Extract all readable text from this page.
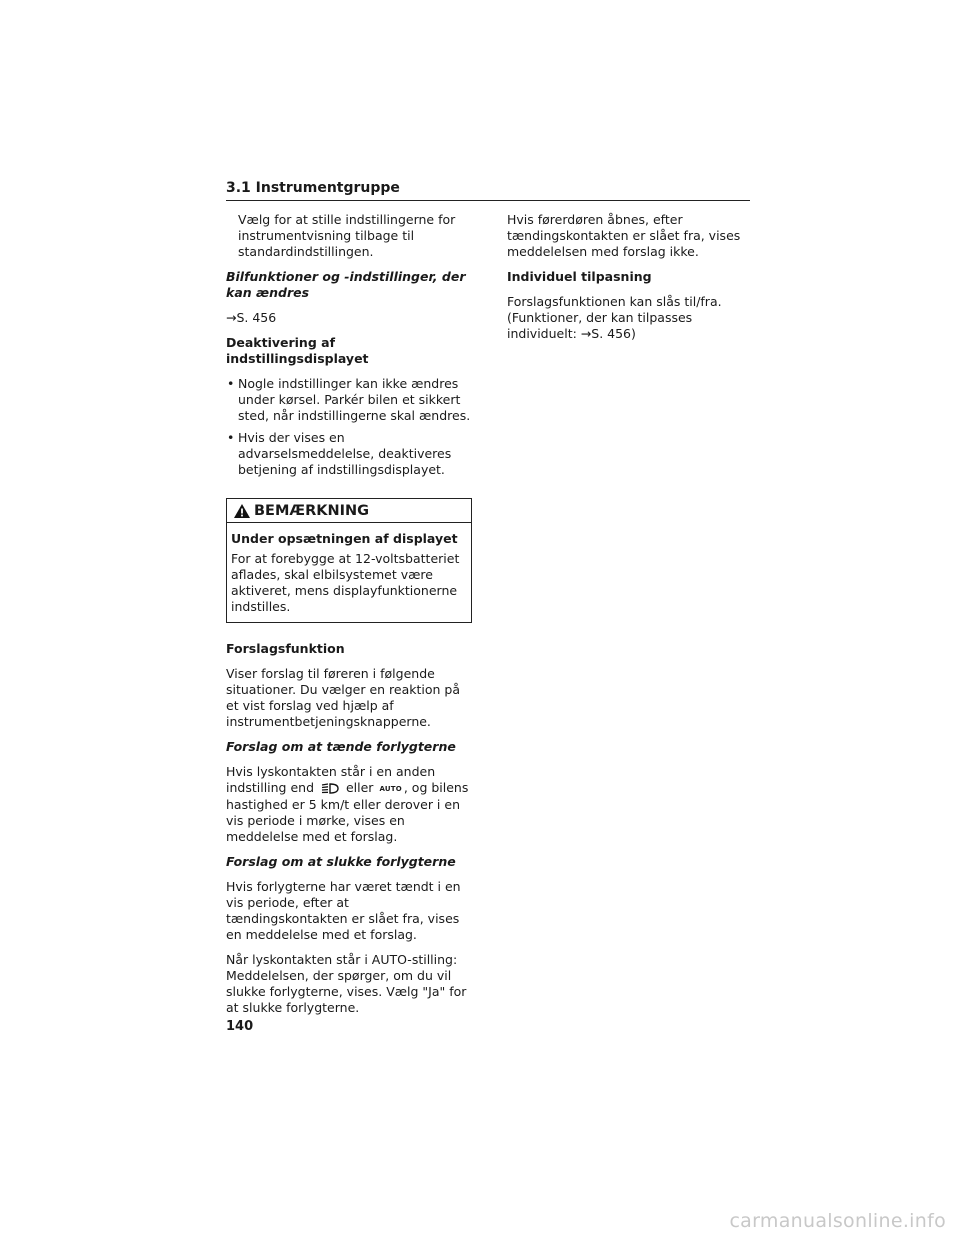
3.1 Instrumentgruppe

Vælg for at stille indstillingerne for instrumentvisning tilbage til standardindstillingen.

Bilfunktioner og -indstillinger, der kan ændres

→S. 456

Deaktivering af indstillingsdisplayet

• Nogle indstillinger kan ikke ændres under kørsel. Parkér bilen et sikkert sted, når indstillingerne skal ændres.
• Hvis der vises en advarselsmeddelelse, deaktiveres betjening af indstillingsdisplayet.
BEMÆRKNING

Under opsætningen af displayet

For at forebygge at 12-voltsbatteriet aflades, skal elbilsystemet være aktiveret, mens displayfunktionerne indstilles.

Forslagsfunktion

Viser forslag til føreren i følgende situationer. Du vælger en reaktion på et vist forslag ved hjælp af instrumentbetjeningsknapperne.

Forslag om at tænde forlygterne

Hvis lyskontakten står i en anden indstilling end	eller AUTO , og bilens hastighed er 5 km/t eller derover i en vis periode i mørke, vises en meddelelse med et forslag.

Forslag om at slukke forlygterne

Hvis forlygterne har været tændt i en vis periode, efter at tændingskontakten er slået fra, vises en meddelelse med et forslag.

Når lyskontakten står i AUTO-stilling: Meddelelsen, der spørger, om du vil slukke forlygterne, vises. Vælg "Ja" for at slukke forlygterne.

Hvis førerdøren åbnes, efter tændingskontakten er slået fra, vises meddelelsen med forslag ikke.

Individuel tilpasning

Forslagsfunktionen kan slås til/fra. (Funktioner, der kan tilpasses individuelt: →S. 456)

140
carmanualsonline.info
